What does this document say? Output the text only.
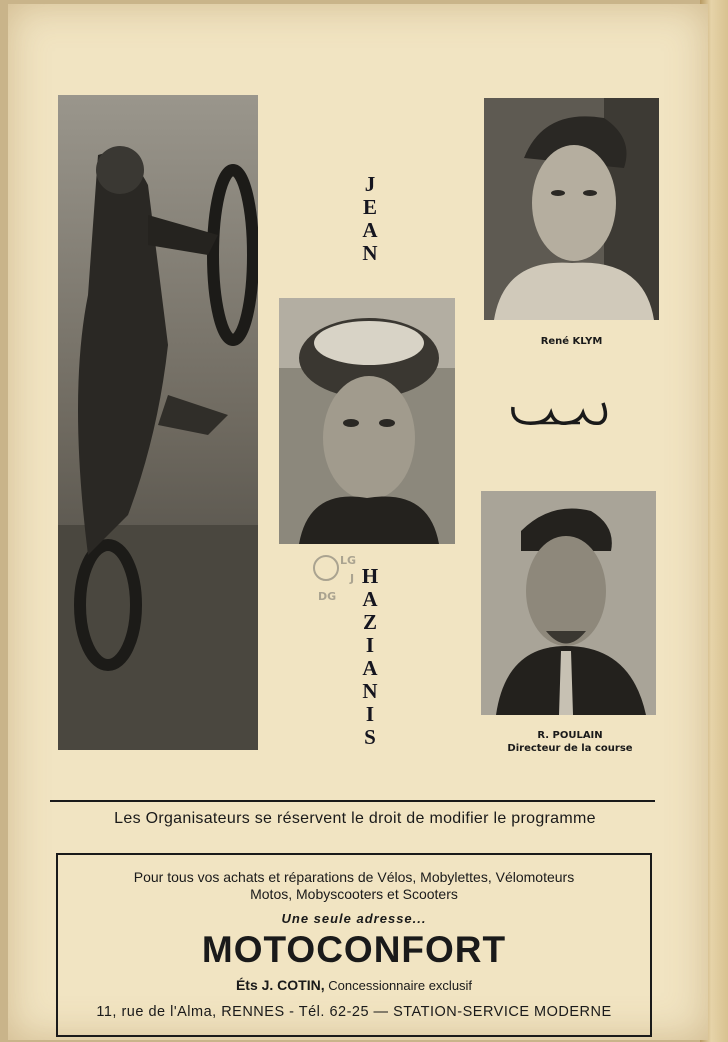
J
E
A
N
LG
J
DG
H
A
Z
I
A
N
I
S
René KLYM
R. POULAIN
Directeur de la course
Les Organisateurs se réservent le droit de modifier le programme
Pour tous vos achats et réparations de Vélos, Mobylettes, Vélomoteurs
Motos, Mobyscooters et Scooters
Une seule adresse...
MOTOCONFORT
Éts J. COTIN, Concessionnaire exclusif
11, rue de l'Alma, RENNES - Tél. 62-25 — STATION-SERVICE MODERNE
